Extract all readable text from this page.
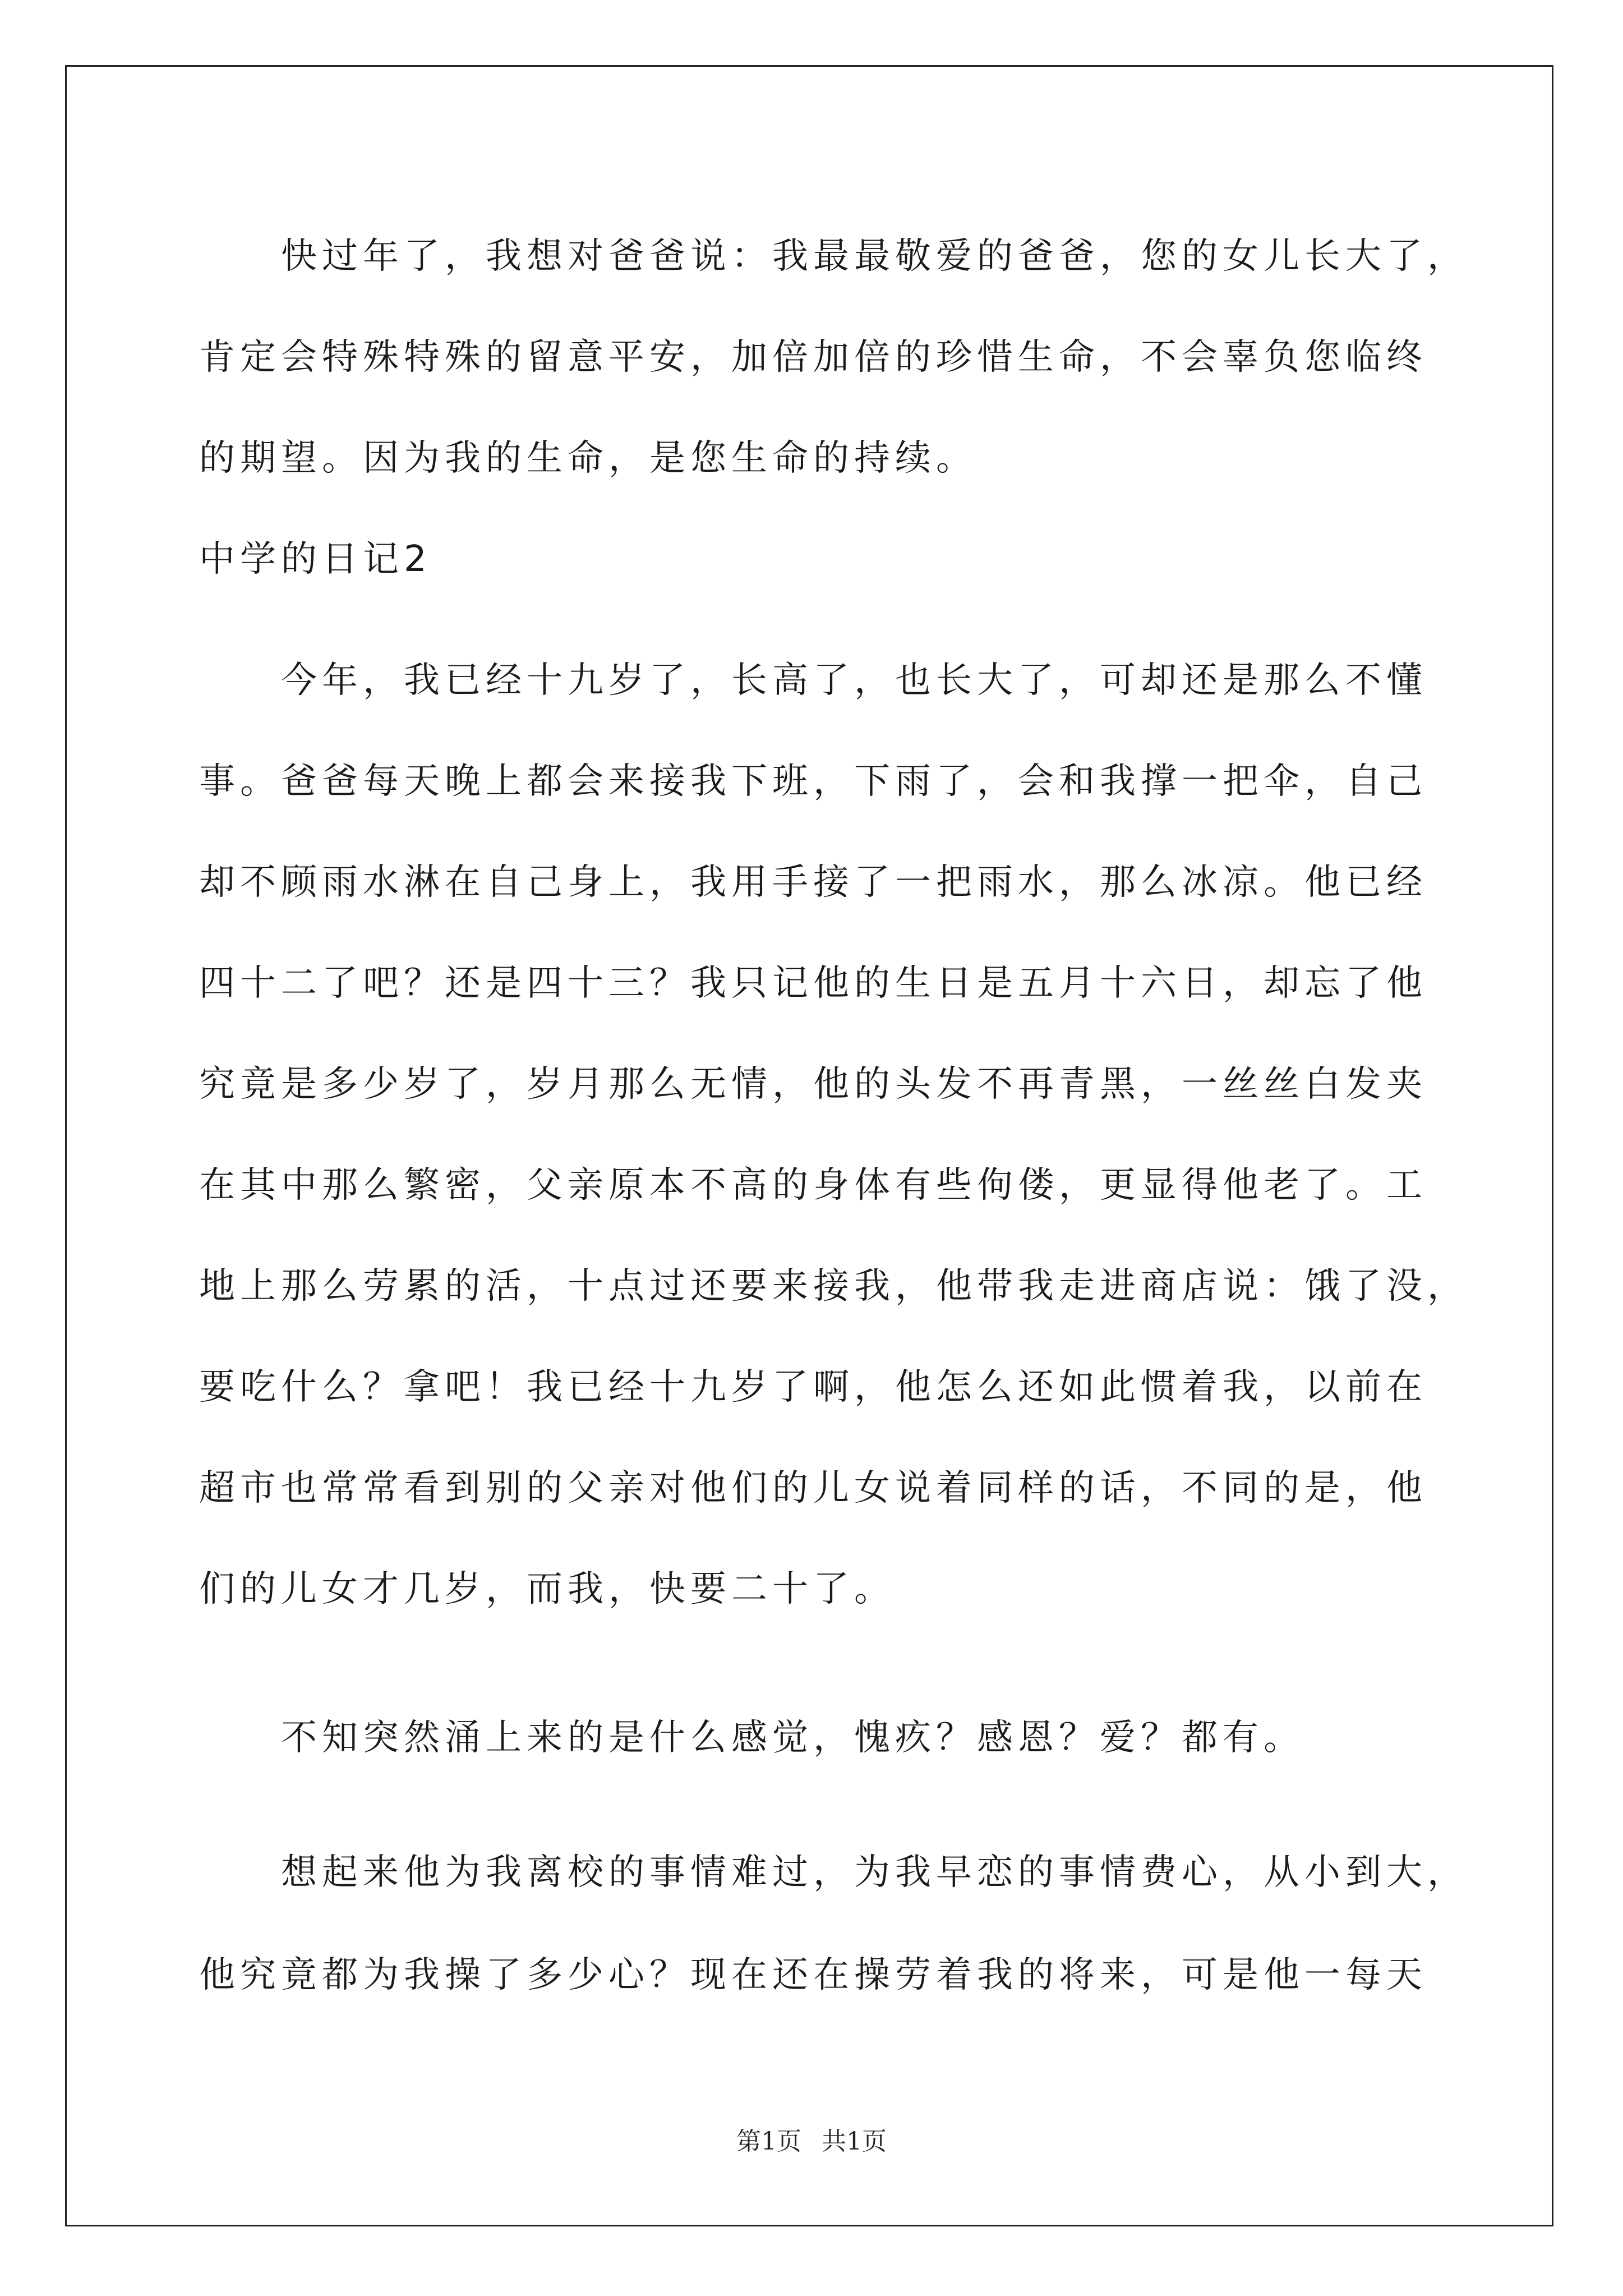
　　快过年了，我想对爸爸说：我最最敬爱的爸爸，您的女儿长大了，
肯定会特殊特殊的留意平安，加倍加倍的珍惜生命，不会辜负您临终
的期望。因为我的生命，是您生命的持续。
中学的日记2
　　今年，我已经十九岁了，长高了，也长大了，可却还是那么不懂
事。爸爸每天晚上都会来接我下班，下雨了，会和我撑一把伞，自己
却不顾雨水淋在自己身上，我用手接了一把雨水，那么冰凉。他已经
四十二了吧？还是四十三？我只记他的生日是五月十六日，却忘了他
究竟是多少岁了，岁月那么无情，他的头发不再青黑，一丝丝白发夹
在其中那么繁密，父亲原本不高的身体有些佝偻，更显得他老了。工
地上那么劳累的活，十点过还要来接我，他带我走进商店说：饿了没，
要吃什么？拿吧！我已经十九岁了啊，他怎么还如此惯着我，以前在
超市也常常看到别的父亲对他们的儿女说着同样的话，不同的是，他
们的儿女才几岁，而我，快要二十了。
　　不知突然涌上来的是什么感觉，愧疚？感恩？爱？都有。
　　想起来他为我离校的事情难过，为我早恋的事情费心，从小到大，
他究竟都为我操了多少心？现在还在操劳着我的将来，可是他一每天
第1页 共1页
